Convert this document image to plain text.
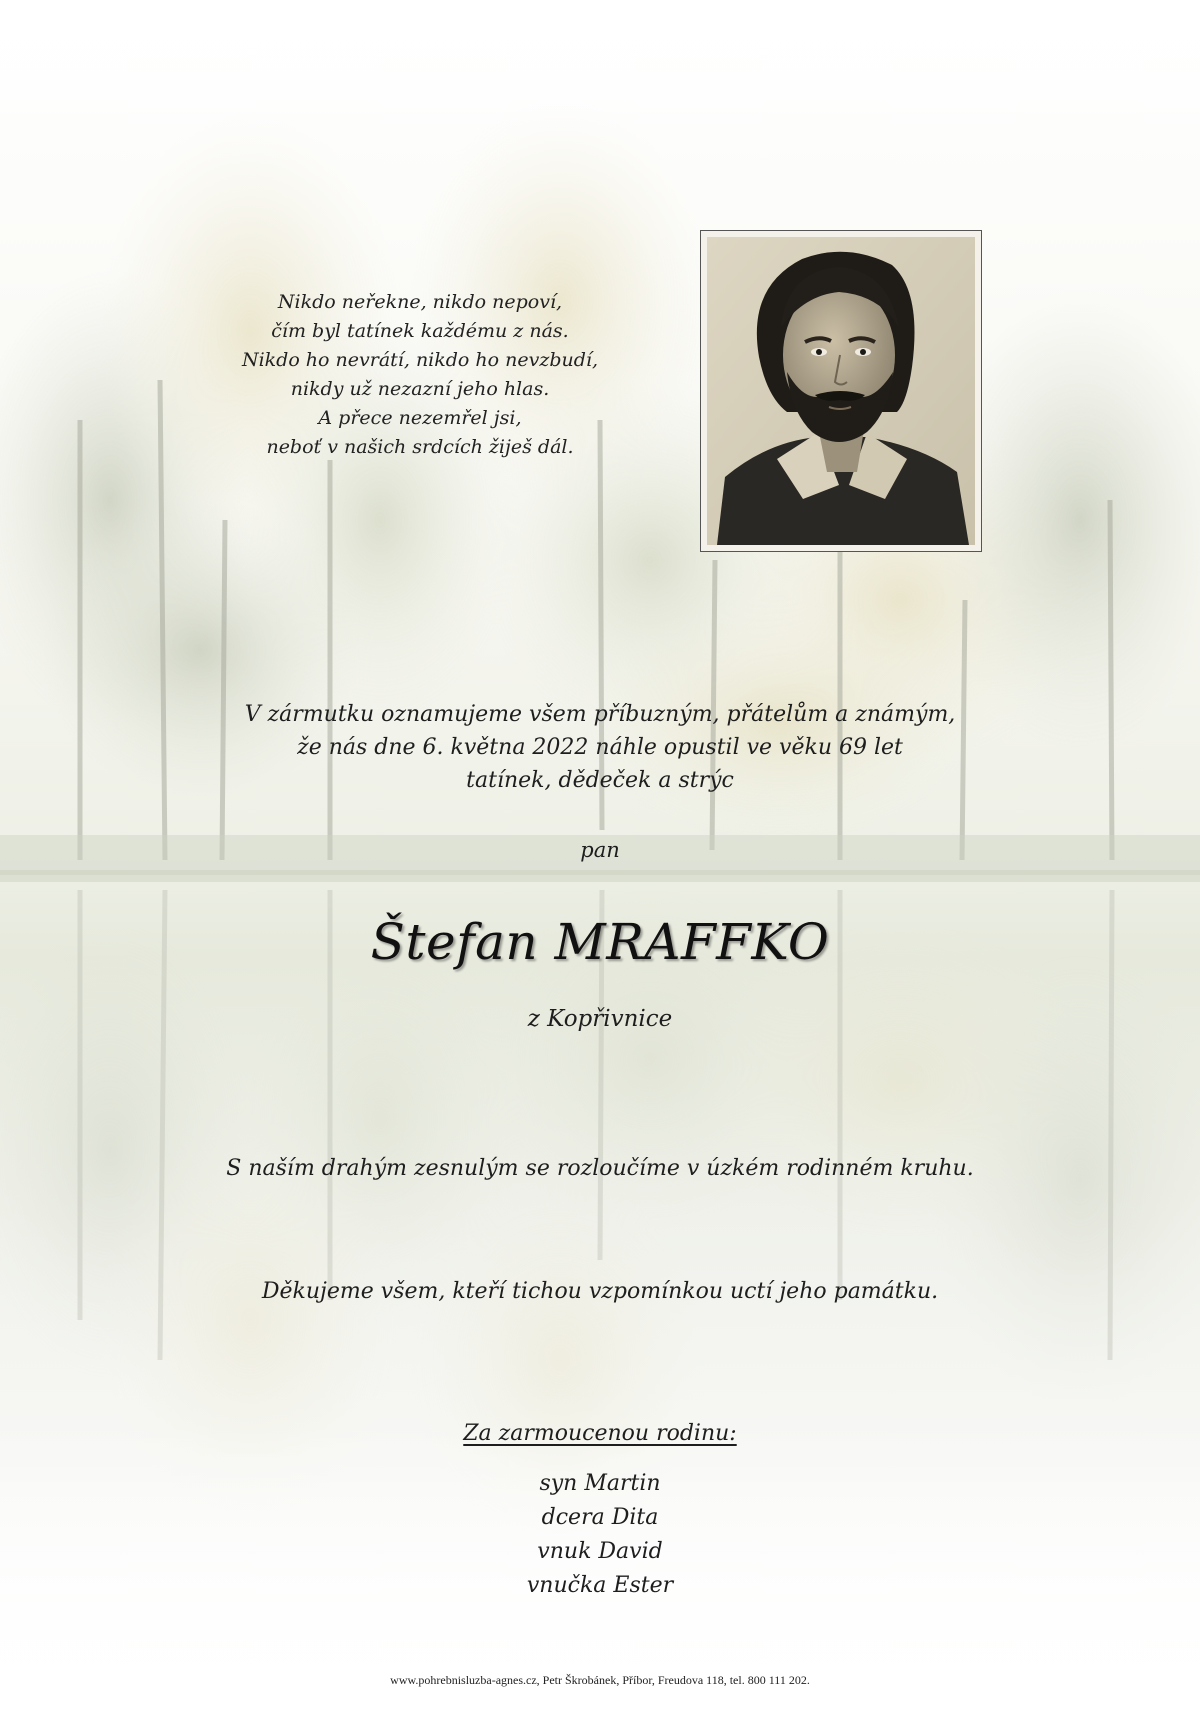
Nikdo neřekne, nikdo nepoví,
čím byl tatínek každému z nás.
Nikdo ho nevrátí, nikdo ho nevzbudí,
nikdy už nezazní jeho hlas.
A přece nezemřel jsi,
neboť v našich srdcích žiješ dál.
V zármutku oznamujeme všem příbuzným, přátelům a známým,
že nás dne 6. května 2022 náhle opustil ve věku 69 let
tatínek, dědeček a strýc
pan
Štefan MRAFFKO
z Kopřivnice
S naším drahým zesnulým se rozloučíme v úzkém rodinném kruhu.
Děkujeme všem, kteří tichou vzpomínkou uctí jeho památku.
Za zarmoucenou rodinu:
syn Martin
dcera Dita
vnuk David
vnučka Ester
www.pohrebnisluzba-agnes.cz, Petr Škrobánek, Příbor, Freudova 118, tel. 800 111 202.
